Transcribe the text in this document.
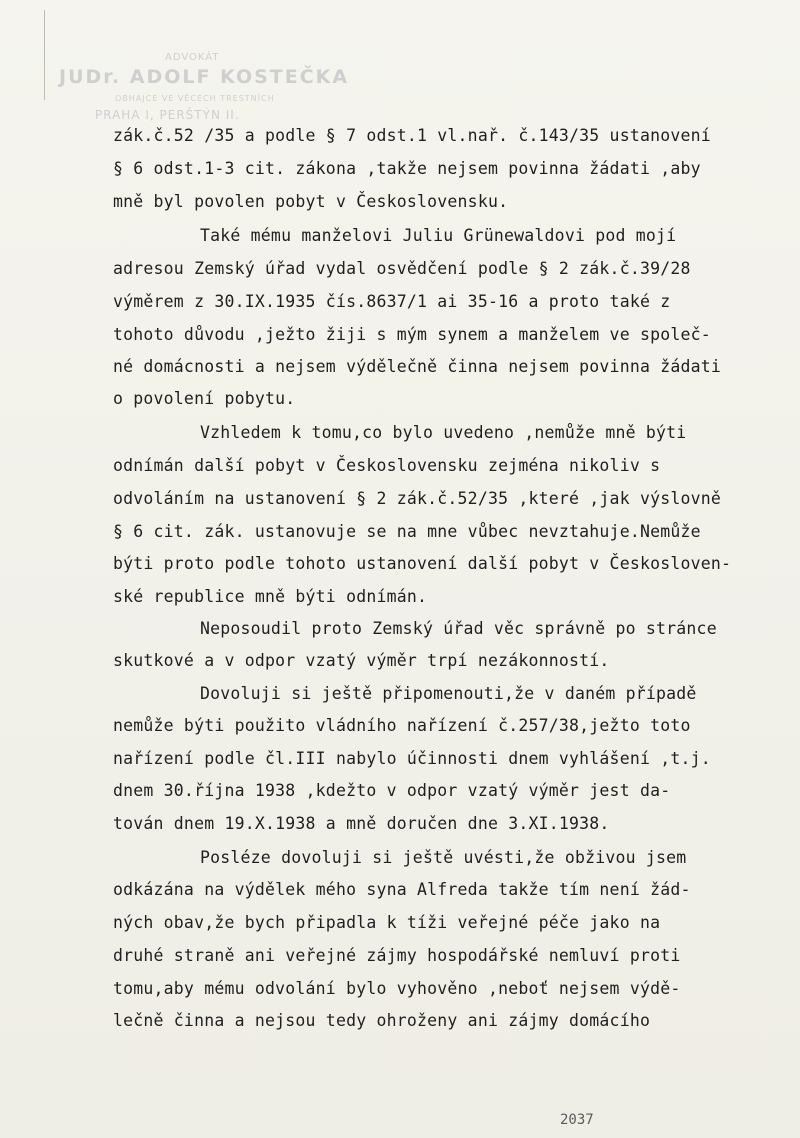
ADVOKÁT
JUDr. ADOLF KOSTEČKA
OBHÁJCE VE VĚCECH TRESTNÍCH
PRAHA I, PERŠTÝN II.

zák.č.52 /35 a podle § 7 odst.1 vl.nař. č.143/35 ustanovení

§ 6 odst.1-3 cit. zákona ,takže nejsem povinna žádati ,aby

mně byl povolen pobyt v Československu.

Také mému manželovi Juliu Grünewaldovi pod mojí

adresou Zemský úřad vydal osvědčení podle § 2 zák.č.39/28

výměrem z 30.IX.1935 čís.8637/1 ai 35-16 a proto také z

tohoto důvodu ,ježto žiji s mým synem a manželem ve společ-

né domácnosti a nejsem výdělečně činna nejsem povinna žádati

o povolení pobytu.

Vzhledem k tomu,co bylo uvedeno ,nemůže mně býti

odnímán další pobyt v Československu zejména nikoliv s

odvoláním na ustanovení § 2 zák.č.52/35 ,které ,jak výslovně

§ 6 cit. zák. ustanovuje se na mne vůbec nevztahuje.Nemůže

býti proto podle tohoto ustanovení další pobyt v Českosloven-

ské republice mně býti odnímán.

Neposoudil proto Zemský úřad věc správně po stránce

skutkové a v odpor vzatý výměr trpí nezákonností.

Dovoluji si ještě připomenouti,že v daném případě

nemůže býti použito vládního nařízení č.257/38,ježto toto

nařízení podle čl.III nabylo účinnosti dnem vyhlášení ,t.j.

dnem 30.října 1938 ,kdežto v odpor vzatý výměr jest da-

tován dnem 19.X.1938 a mně doručen dne 3.XI.1938.

Posléze dovoluji si ještě uvésti,že obživou jsem

odkázána na výdělek mého syna Alfreda takže tím není žád-

ných obav,že bych připadla k tíži veřejné péče jako na

druhé straně ani veřejné zájmy hospodářské nemluví proti

tomu,aby mému odvolání bylo vyhověno ,neboť nejsem výdě-

lečně činna a nejsou tedy ohroženy ani zájmy domácího

2037
